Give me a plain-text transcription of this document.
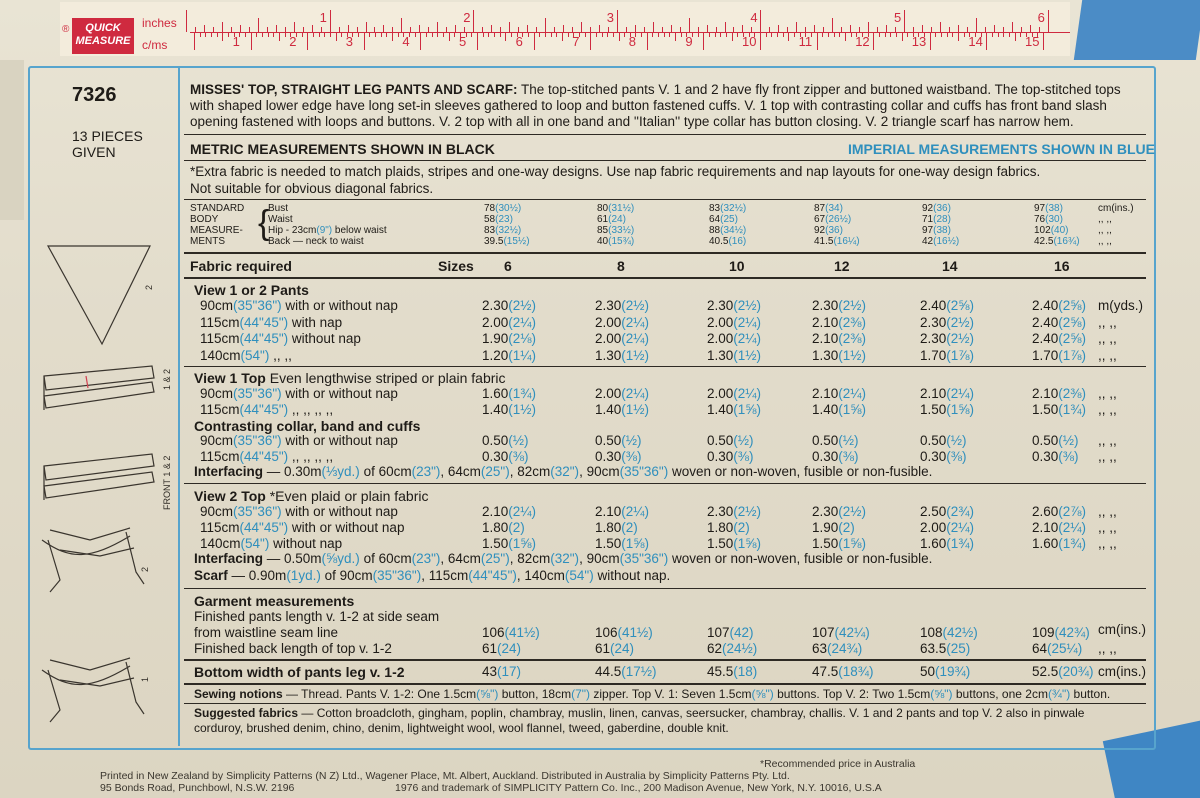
QUICK MEASURE
®	inches
c/ms
1	2	3	4	5	6
1	2	3	4	5	6	7	8	9	10	11	12	13	14	15
7326
13 PIECES
GIVEN
2
1 & 2
FRONT 1 & 2
2
1
MISSES' TOP, STRAIGHT LEG PANTS AND SCARF: The top-stitched pants V. 1 and 2 have fly front zipper and buttoned waistband. The top-stitched tops
with shaped lower edge have long set-in sleeves gathered to loop and button fastened cuffs. V. 1 top with contrasting collar and cuffs has front band slash
opening fastened with loops and buttons. V. 2 top with all in one band and ''Italian'' type collar has button closing. V. 2 triangle scarf has narrow hem.
METRIC MEASUREMENTS SHOWN IN BLACK	IMPERIAL MEASUREMENTS SHOWN IN BLUE
*Extra fabric is needed to match plaids, stripes and one-way designs. Use nap fabric requirements and nap layouts for one-way design fabrics.
Not suitable for obvious diagonal fabrics.
Fabric required	Sizes
*Recommended price in Australia
Printed in New Zealand by Simplicity Patterns (N Z) Ltd., Wagener Place, Mt. Albert, Auckland. Distributed in Australia by Simplicity Patterns Pty. Ltd.
95 Bonds Road, Punchbowl, N.S.W. 2196	1976 and trademark of SIMPLICITY Pattern Co. Inc., 200 Madison Avenue, New York, N.Y. 10016, U.S.A
STANDARD
BODY
MEASURE-
MENTS {
Bust	78(30½)	80(31½)	83(32½)	87(34)	92(36)	97(38)	cm(ins.)
Waist	58(23)	61(24)	64(25)	67(26½)	71(28)	76(30)	,, ,,
Hip - 23cm(9") below waist	83(32½)	85(33½)	88(34½)	92(36)	97(38)	102(40)	,, ,,
Back — neck to waist	39.5(15½)	40(15¾)	40.5(16)	41.5(16¼)	42(16½)	42.5(16¾) ,, ,,
6	8	10	12	14	16
View 1 or 2 Pants
90cm(35"36") with or without nap	2.30(2½)	2.30(2½)	2.30(2½)	2.30(2½)	2.40(2⅝)	2.40(2⅝) m(yds.)
115cm(44"45") with nap	2.00(2¼)	2.00(2¼)	2.00(2¼)	2.10(2⅜)	2.30(2½)	2.40(2⅝) ,, ,,
115cm(44"45") without nap	1.90(2⅛)	2.00(2¼)	2.00(2¼)	2.10(2⅜)	2.30(2½)	2.40(2⅝) ,, ,,
140cm(54") ,, ,,	1.20(1¼)	1.30(1½)	1.30(1½)	1.30(1½)	1.70(1⅞)	1.70(1⅞) ,, ,,
View 1 Top Even lengthwise striped or plain fabric
90cm(35"36") with or without nap	1.60(1¾)	2.00(2¼)	2.00(2¼)	2.10(2¼)	2.10(2¼)	2.10(2⅜) ,, ,,
115cm(44"45") ,, ,, ,, ,,	1.40(1½)	1.40(1½)	1.40(1⅝)	1.40(1⅝)	1.50(1⅝)	1.50(1¾) ,, ,,
Contrasting collar, band and cuffs
90cm(35"36") with or without nap	0.50(½)	0.50(½)	0.50(½)	0.50(½)	0.50(½)	0.50(½) ,, ,,
115cm(44"45") ,, ,, ,, ,,	0.30(⅜)	0.30(⅜)	0.30(⅜)	0.30(⅜)	0.30(⅜)	0.30(⅜) ,, ,,
Interfacing — 0.30m(⅓yd.) of 60cm(23"), 64cm(25"), 82cm(32"), 90cm(35"36") woven or non-woven, fusible or non-fusible.
View 2 Top *Even plaid or plain fabric
90cm(35"36") with or without nap	2.10(2¼)	2.10(2¼)	2.30(2½)	2.30(2½)	2.50(2¾)	2.60(2⅞) ,, ,,
115cm(44"45") with or without nap	1.80(2)	1.80(2)	1.80(2)	1.90(2)	2.00(2¼)	2.10(2¼) ,, ,,
140cm(54") without nap	1.50(1⅝)	1.50(1⅝)	1.50(1⅝)	1.50(1⅝)	1.60(1¾)	1.60(1¾) ,, ,,
Interfacing — 0.50m(⅝yd.) of 60cm(23"), 64cm(25"), 82cm(32"), 90cm(35"36") woven or non-woven, fusible or non-fusible.
Scarf — 0.90m(1yd.) of 90cm(35"36"), 115cm(44"45"), 140cm(54") without nap.
Garment measurements
Finished pants length v. 1-2 at side seam
from waistline seam line	106(41½)	106(41½)	107(42)	107(42¼)	108(42½)	109(42¾) cm(ins.)
Finished back length of top v. 1-2	61(24)	61(24)	62(24½)	63(24¾)	63.5(25)	64(25¼) ,, ,,
Bottom width of pants leg v. 1-2	43(17)	44.5(17½)	45.5(18)	47.5(18¾)	50(19¾)	52.5(20¾) cm(ins.)
Sewing notions — Thread. Pants V. 1-2: One 1.5cm(⅝") button, 18cm(7") zipper. Top V. 1: Seven 1.5cm(⅝") buttons. Top V. 2: Two 1.5cm(⅝") buttons, one 2cm(¾") button.
Suggested fabrics — Cotton broadcloth, gingham, poplin, chambray, muslin, linen, canvas, seersucker, chambray, challis. V. 1 and 2 pants and top V. 2 also in pinwale
corduroy, brushed denim, chino, denim, lightweight wool, wool flannel, tweed, gaberdine, double knit.
